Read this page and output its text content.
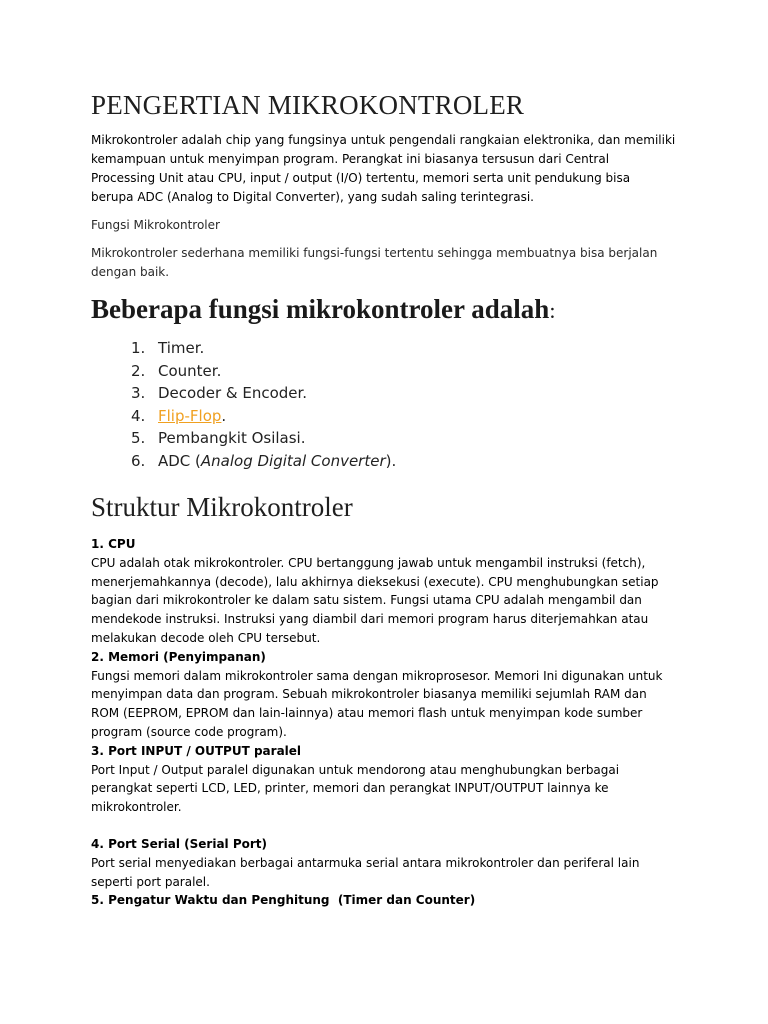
PENGERTIAN MIKROKONTROLER

Mikrokontroler adalah chip yang fungsinya untuk pengendali rangkaian elektronika, dan memiliki kemampuan untuk menyimpan program. Perangkat ini biasanya tersusun dari Central Processing Unit atau CPU, input / output (I/O) tertentu, memori serta unit pendukung bisa berupa ADC (Analog to Digital Converter), yang sudah saling terintegrasi.

Fungsi Mikrokontroler

Mikrokontroler sederhana memiliki fungsi-fungsi tertentu sehingga membuatnya bisa berjalan dengan baik.

Beberapa fungsi mikrokontroler adalah:
1. Timer.
2. Counter.
3. Decoder & Encoder.
4. Flip-Flop.
5. Pembangkit Osilasi.
6. ADC (Analog Digital Converter).
Struktur Mikrokontroler

1. CPU

CPU adalah otak mikrokontroler. CPU bertanggung jawab untuk mengambil instruksi (fetch), menerjemahkannya (decode), lalu akhirnya dieksekusi (execute). CPU menghubungkan setiap bagian dari mikrokontroler ke dalam satu sistem. Fungsi utama CPU adalah mengambil dan mendekode instruksi. Instruksi yang diambil dari memori program harus diterjemahkan atau melakukan decode oleh CPU tersebut.

2. Memori (Penyimpanan)

Fungsi memori dalam mikrokontroler sama dengan mikroprosesor. Memori Ini digunakan untuk menyimpan data dan program. Sebuah mikrokontroler biasanya memiliki sejumlah RAM dan ROM (EEPROM, EPROM dan lain-lainnya) atau memori flash untuk menyimpan kode sumber program (source code program).

3. Port INPUT / OUTPUT paralel

Port Input / Output paralel digunakan untuk mendorong atau menghubungkan berbagai perangkat seperti LCD, LED, printer, memori dan perangkat INPUT/OUTPUT lainnya ke mikrokontroler.

4. Port Serial (Serial Port)

Port serial menyediakan berbagai antarmuka serial antara mikrokontroler dan periferal lain seperti port paralel.

5. Pengatur Waktu dan Penghitung  (Timer dan Counter)
